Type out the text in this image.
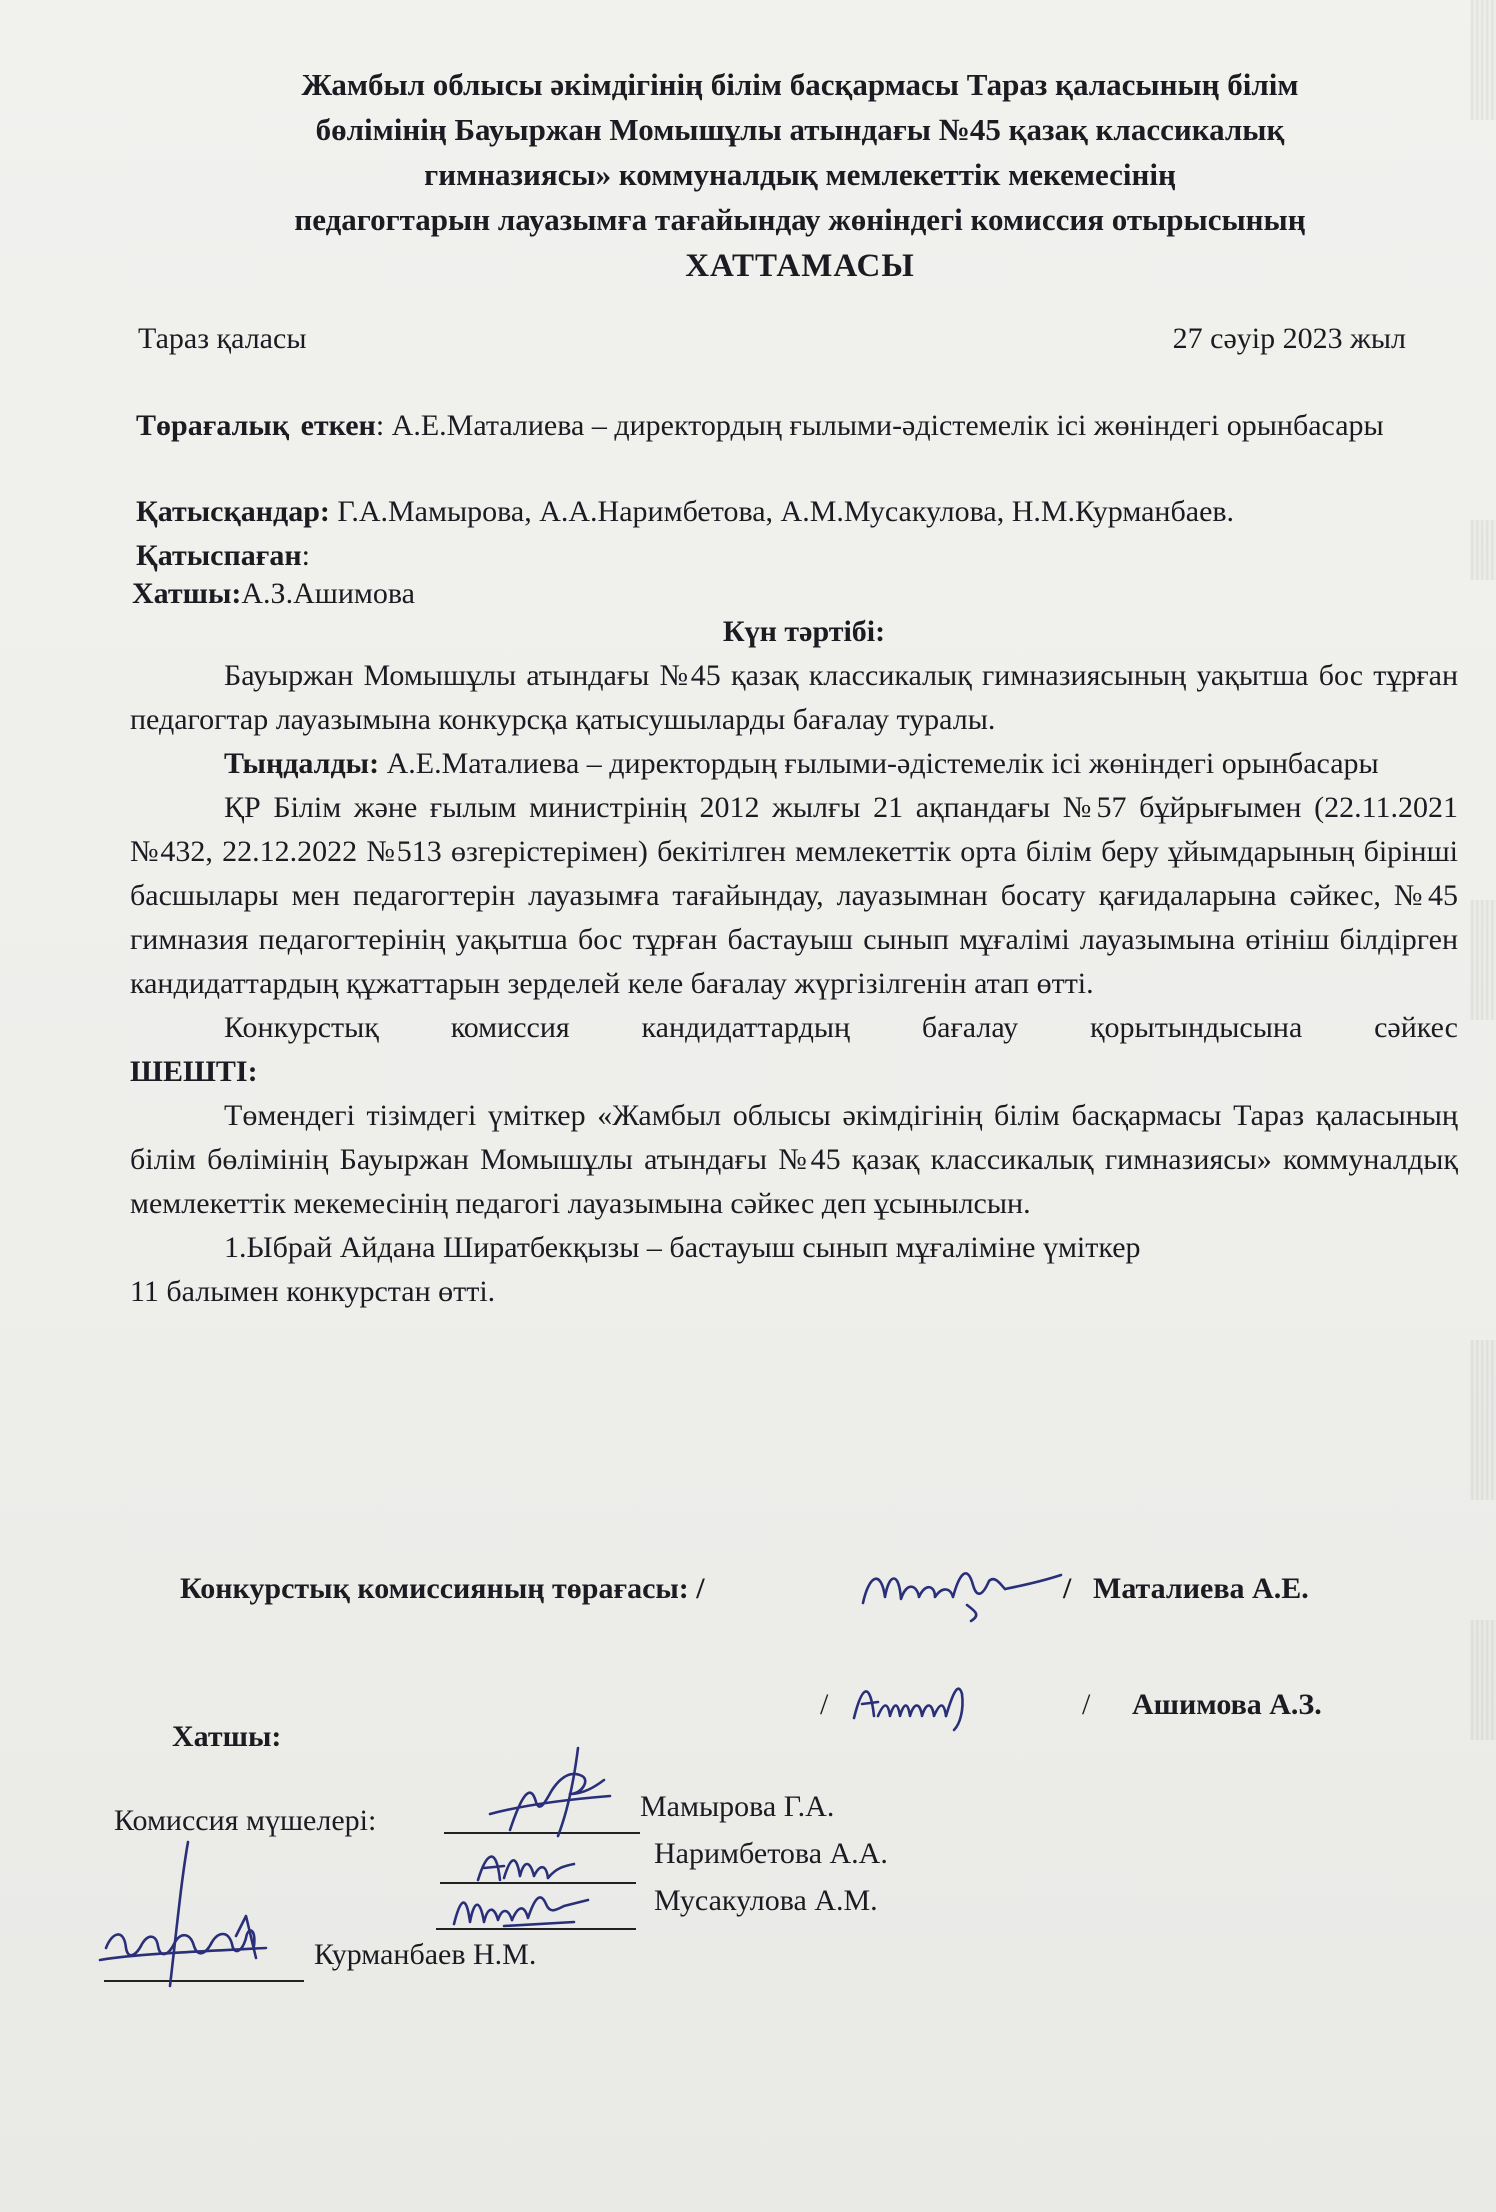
Жамбыл облысы әкімдігінің білім басқармасы Тараз қаласының білім
бөлімінің Бауыржан Момышұлы атындағы №45 қазақ классикалық
гимназиясы» коммуналдық мемлекеттік мекемесінің
педагогтарын лауазымға тағайындау жөніндегі комиссия отырысының
ХАТТАМАСЫ
Тараз қаласы	27 сәуір 2023 жыл

Төрағалық еткен: А.Е.Маталиева – директордың ғылыми-әдістемелік ісі жөніндегі орынбасары

Қатысқандар: Г.А.Мамырова, А.А.Наримбетова, А.М.Мусакулова, Н.М.Курманбаев.

Қатыспаған:

Хатшы:А.З.Ашимова

Күн тәртібі:

Бауыржан Момышұлы атындағы №45 қазақ классикалық гимназиясының уақытша бос тұрған педагогтар лауазымына конкурсқа қатысушыларды бағалау туралы.

Тыңдалды: А.Е.Маталиева – директордың ғылыми-әдістемелік ісі жөніндегі орынбасары

ҚР Білім және ғылым министрінің 2012 жылғы 21 ақпандағы №57 бұйрығымен (22.11.2021 №432, 22.12.2022 №513 өзгерістерімен) бекітілген мемлекеттік орта білім беру ұйымдарының бірінші басшылары мен педагогтерін лауазымға тағайындау, лауазымнан босату қағидаларына сәйкес, №45 гимназия педагогтерінің уақытша бос тұрған бастауыш сынып мұғалімі лауазымына өтініш білдірген кандидаттардың құжаттарын зерделей келе бағалау жүргізілгенін атап өтті.

Конкурстық комиссия кандидаттардың бағалау қорытындысына сәйкес

ШЕШТІ:

Төмендегі тізімдегі үміткер «Жамбыл облысы әкімдігінің білім басқармасы Тараз қаласының білім бөлімінің Бауыржан Момышұлы атындағы №45 қазақ классикалық гимназиясы» коммуналдық мемлекеттік мекемесінің педагогі лауазымына сәйкес деп ұсынылсын.

1.Ыбрай Айдана Ширатбекқызы – бастауыш сынып мұғаліміне үміткер

11 балымен конкурстан өтті.

Конкурстық комиссияның төрағасы: /	/ Маталиева А.Е.
Хатшы:
/	/ Ашимова А.З.
Комиссия мүшелері:	Мамырова Г.А.
Наримбетова А.А.
Мусакулова А.М.
Курманбаев Н.М.
